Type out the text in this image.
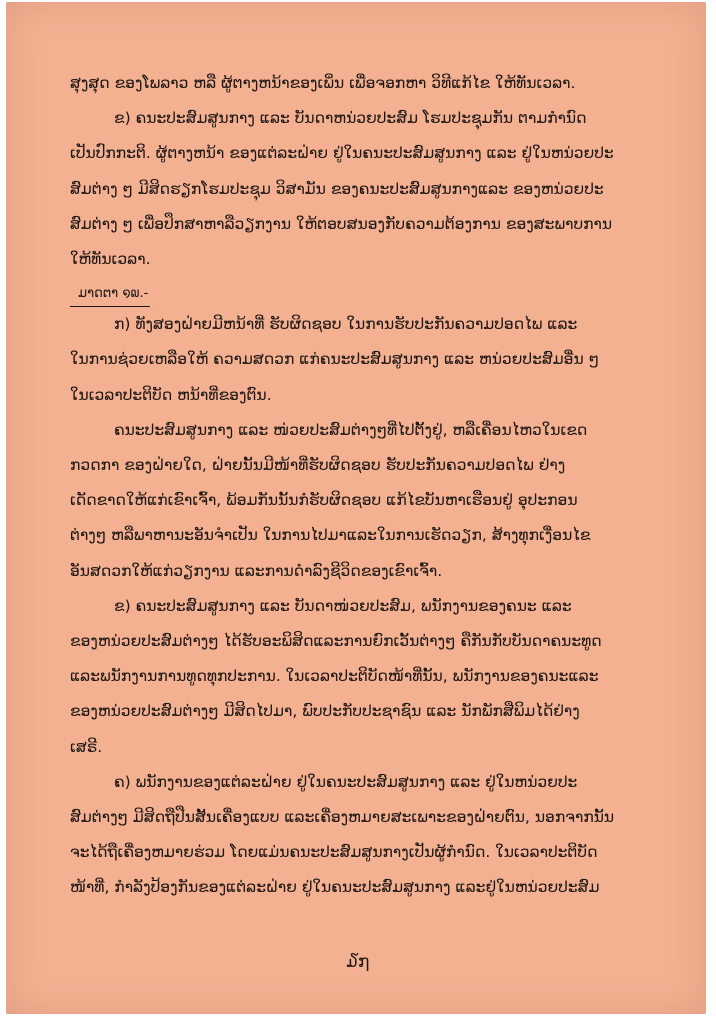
ສຸງສຸດ ຂອງໂພລາວ ຫລື ຜູ້ຕາງຫນ້າຂອງເພິ່ນ ເພື່ອຈອກຫາ ວິທີແກ້ໄຂ ໃຫ້ທັນເວລາ.
ຂ) ຄນະປະສົມສູນກາງ ແລະ ບັນດາຫນ່ວຍປະສົມ ໂຮມປະຊຸມກັນ ຕາມກຳນົດ
ເປັນປົກກະຕິ. ຜູ້ຕາງຫນ້າ ຂອງແຕ່ລະຝ່າຍ ຢູ່ໃນຄນະປະສົມສູນກາງ ແລະ ຢູ່ໃນຫນ່ວຍປະ
ສົມຕ່າງ ໆ ມີສິດຮຽກໂຮມປະຊຸມ ວິສາມັນ ຂອງຄນະປະສົມສູນກາງແລະ ຂອງຫນ່ວຍປະ
ສົມຕ່າງ ໆ ເພື່ອປຶກສາຫາລືວຽກງານ ໃຫ້ຕອບສນອງກັບຄວາມຕ້ອງການ ຂອງສະພາບການ
ໃຫ້ທັນເວລາ.
ມາດຕາ ໑໙.-
ກ) ທັງສອງຝ່າຍມີຫນ້າທີ່ ຮັບຜິດຊອບ ໃນການຮັບປະກັນຄວາມປອດໄພ ແລະ
ໃນການຊ່ວຍເຫລືອໃຫ້ ຄວາມສດວກ ແກ່ຄນະປະສົມສູນກາງ ແລະ ຫນ່ວຍປະສົມອື່ນ ໆ
ໃນເວລາປະຕິບັດ ຫນ້າທີ່ຂອງຕົນ.
ຄນະປະສົມສູນກາງ ແລະ ໜ່ວຍປະສົມຕ່າງໆທີ່ໄປຕັ້ງຢູ່, ຫລືເຄື່ອນໄຫວໃນເຂດ
ກວດກາ ຂອງຝ່າຍໃດ, ຝ່າຍນັ້ນມີໜ້າທີ່ຮັບຜິດຊອບ ຮັບປະກັນຄວາມປອດໄພ ຢ່າງ
ເດັດຂາດໃຫ້ແກ່ເຂົາເຈົ້າ, ພ້ອມກັນນັ້ນກໍຮັບຜິດຊອບ ແກ້ໄຂບັນຫາເຮືອນຢູ່ ອຸປະກອນ
ຕ່າງໆ ຫລືພາຫານະອັນຈຳເປັນ ໃນການໄປມາແລະໃນການເຮັດວຽກ, ສ້າງທຸກເງື່ອນໄຂ
ອັນສດວກໃຫ້ແກ່ວຽກງານ ແລະການດຳລົງຊີວິດຂອງເຂົາເຈົ້າ.
ຂ) ຄນະປະສົມສູນກາງ ແລະ ບັນດາໜ່ວຍປະສົມ, ພນັກງານຂອງຄນະ ແລະ
ຂອງຫນ່ວຍປະສົມຕ່າງໆ ໄດ້ຮັບອະພິສິດແລະການຍົກເວັ້ນຕ່າງໆ ຄືກັນກັບບັນດາຄນະທູດ
ແລະພນັກງານການທູດທຸກປະການ. ໃນເວລາປະຕິບັດໜ້າທີ່ນັ້ນ, ພນັກງານຂອງຄນະແລະ
ຂອງຫນ່ວຍປະສົມຕ່າງໆ ມີສິດໄປມາ, ພົບປະກັບປະຊາຊົນ ແລະ ນັກພັກສືພິມໄດ້ຢ່າງ
ເສຣີ.
ຄ) ພນັກງານຂອງແຕ່ລະຝ່າຍ ຢູ່ໃນຄນະປະສົມສູນກາງ ແລະ ຢູ່ໃນຫນ່ວຍປະ
ສົມຕ່າງໆ ມີສິດຖືປືນສັ້ນເຄື່ອງແບບ ແລະເຄື່ອງຫມາຍສະເພາະຂອງຝ່າຍຕົນ, ນອກຈາກນັ້ນ
ຈະໄດ້ຖືເຄື່ອງຫມາຍຮ່ວມ ໂດຍແມ່ນຄນະປະສົມສູນກາງເປັນຜູ້ກຳນົດ. ໃນເວລາປະຕິບັດ
ໜ້າທີ່, ກຳລັງປ້ອງກັນຂອງແຕ່ລະຝ່າຍ ຢູ່ໃນຄນະປະສົມສູນກາງ ແລະຢູ່ໃນຫນ່ວຍປະສົມ
໓໗
